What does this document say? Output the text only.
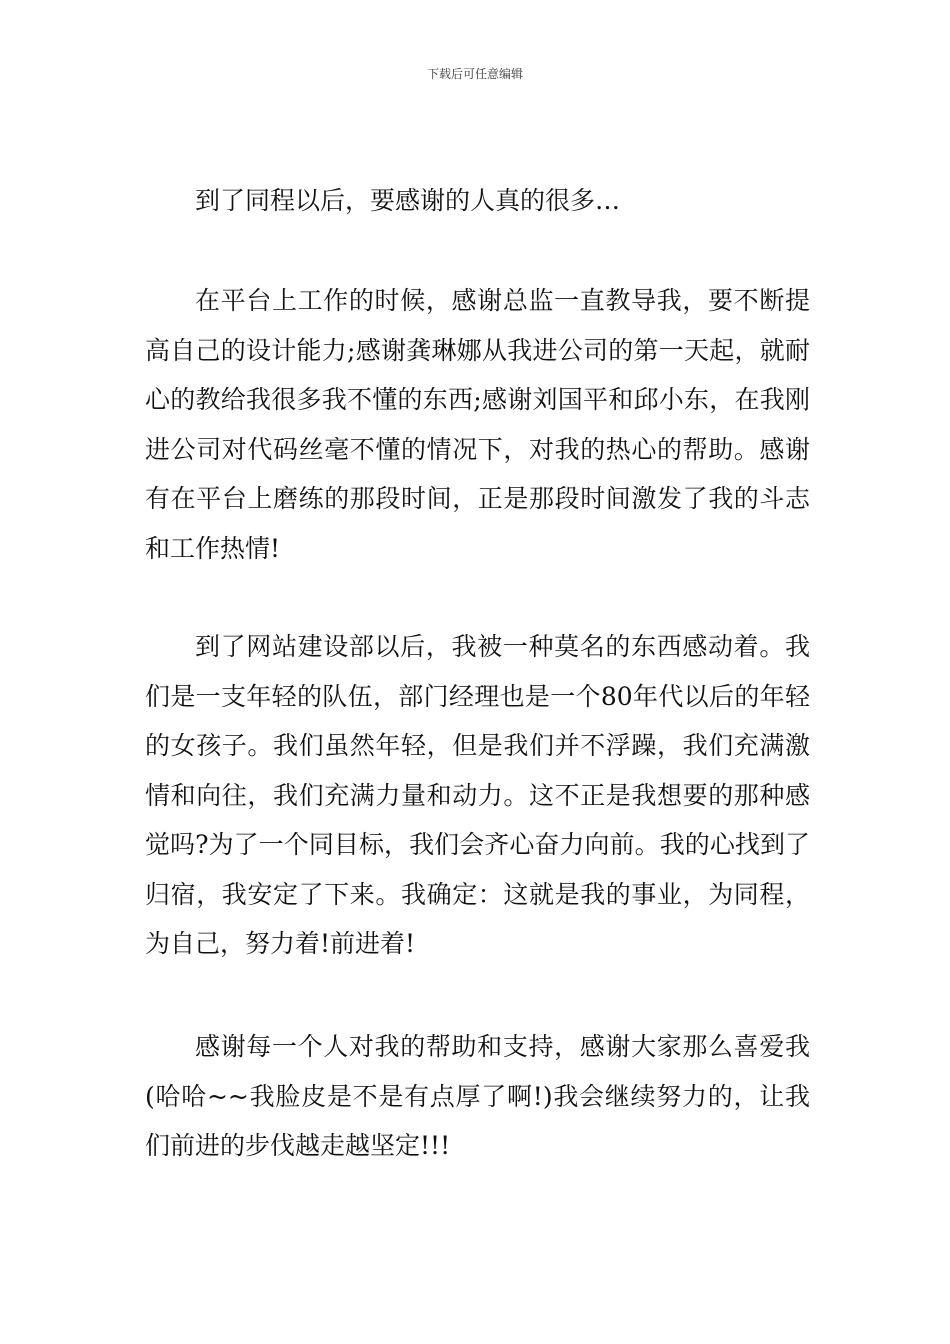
下载后可任意编辑

到了同程以后，要感谢的人真的很多…

在平台上工作的时候，感谢总监一直教导我，要不断提高自己的设计能力;感谢龚琳娜从我进公司的第一天起，就耐心的教给我很多我不懂的东西;感谢刘国平和邱小东，在我刚进公司对代码丝毫不懂的情况下，对我的热心的帮助。感谢有在平台上磨练的那段时间，正是那段时间激发了我的斗志和工作热情!

到了网站建设部以后，我被一种莫名的东西感动着。我们是一支年轻的队伍，部门经理也是一个80年代以后的年轻的女孩子。我们虽然年轻，但是我们并不浮躁，我们充满激情和向往，我们充满力量和动力。这不正是我想要的那种感觉吗?为了一个同目标，我们会齐心奋力向前。我的心找到了归宿，我安定了下来。我确定：这就是我的事业，为同程，为自己，努力着!前进着!

感谢每一个人对我的帮助和支持，感谢大家那么喜爱我(哈哈~~我脸皮是不是有点厚了啊!)我会继续努力的，让我们前进的步伐越走越坚定!!!
